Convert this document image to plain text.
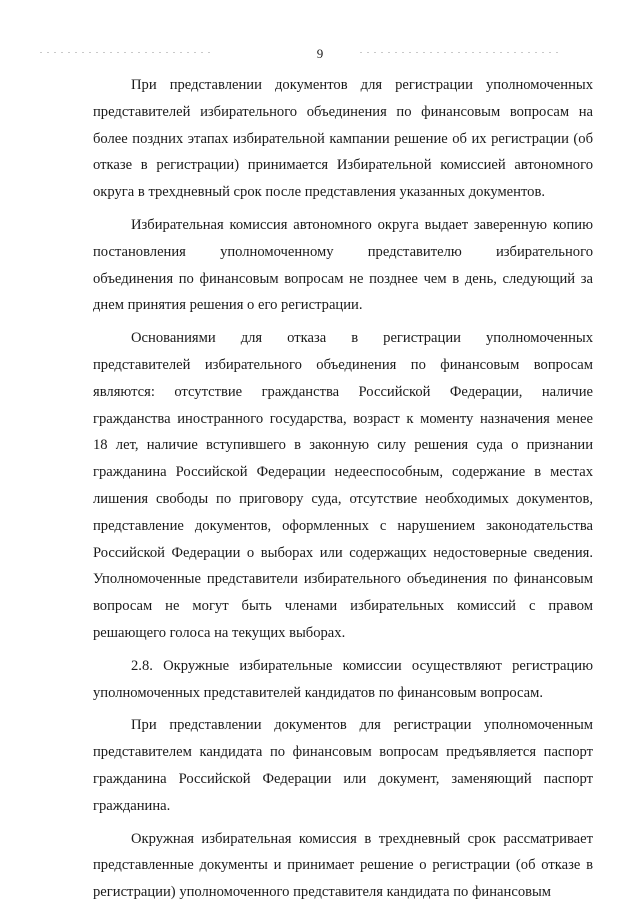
9
При представлении документов для регистрации уполномоченных
представителей избирательного объединения по финансовым вопросам на
более поздних этапах избирательной кампании решение об их регистрации (об
отказе в регистрации) принимается Избирательной комиссией автономного
округа в трехдневный срок после представления указанных документов.
Избирательная комиссия автономного округа выдает заверенную копию
постановления уполномоченному представителю избирательного
объединения по финансовым вопросам не позднее чем в день, следующий за
днем принятия решения о его регистрации.
Основаниями для отказа в регистрации уполномоченных
представителей избирательного объединения по финансовым вопросам
являются: отсутствие гражданства Российской Федерации, наличие
гражданства иностранного государства, возраст к моменту назначения менее
18 лет, наличие вступившего в законную силу решения суда о признании
гражданина Российской Федерации недееспособным, содержание в местах
лишения свободы по приговору суда, отсутствие необходимых документов,
представление документов, оформленных с нарушением законодательства
Российской Федерации о выборах или содержащих недостоверные сведения.
Уполномоченные представители избирательного объединения по финансовым
вопросам не могут быть членами избирательных комиссий с правом
решающего голоса на текущих выборах.
2.8. Окружные избирательные комиссии осуществляют регистрацию
уполномоченных представителей кандидатов по финансовым вопросам.
При представлении документов для регистрации уполномоченным
представителем кандидата по финансовым вопросам предъявляется паспорт
гражданина Российской Федерации или документ, заменяющий паспорт
гражданина.
Окружная избирательная комиссия в трехдневный срок рассматривает
представленные документы и принимает решение о регистрации (об отказе в
регистрации) уполномоченного представителя кандидата по финансовым
